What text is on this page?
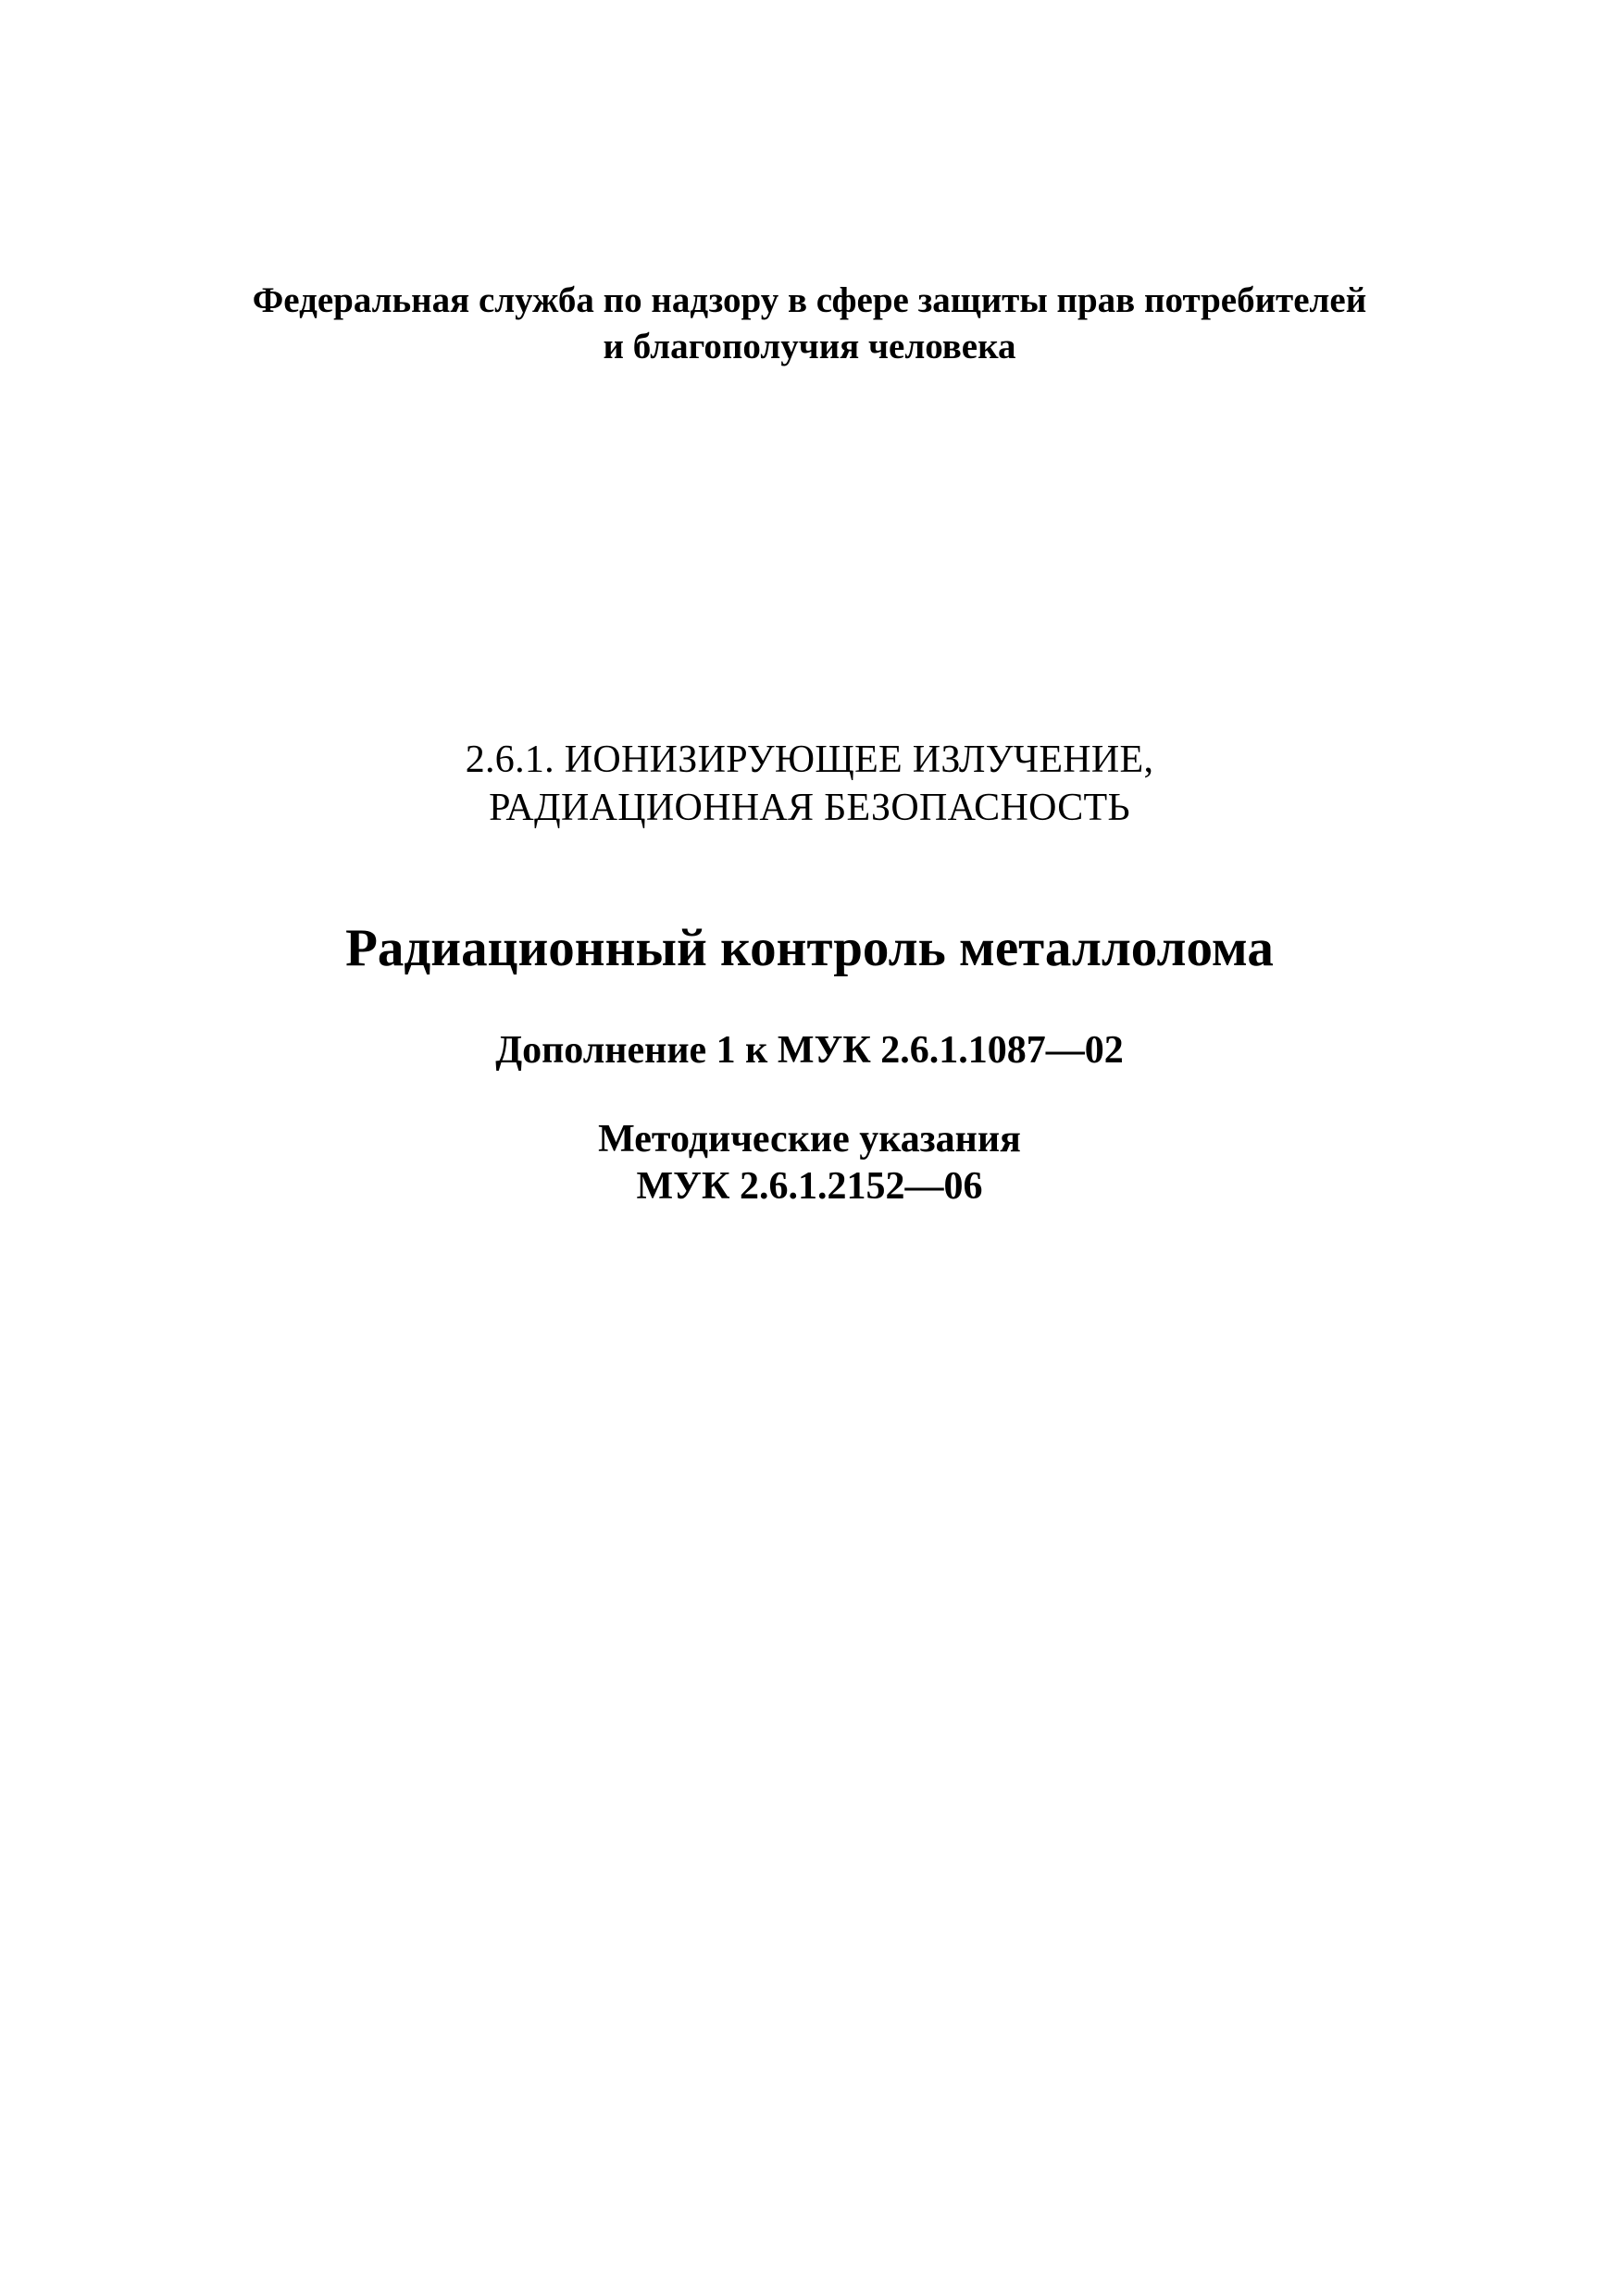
Федеральная служба по надзору в сфере защиты прав потребителей
и благополучия человека
2.6.1. ИОНИЗИРУЮЩЕЕ ИЗЛУЧЕНИЕ,
РАДИАЦИОННАЯ БЕЗОПАСНОСТЬ
Радиационный контроль металлолома
Дополнение 1 к МУК 2.6.1.1087—02
Методические указания
МУК 2.6.1.2152—06
